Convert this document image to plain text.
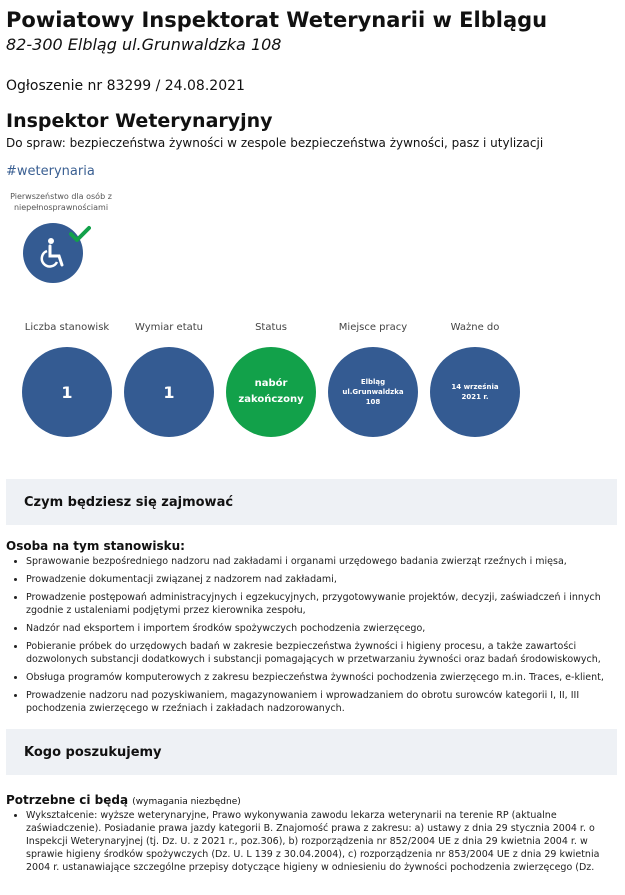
Powiatowy Inspektorat Weterynarii w Elblągu
82-300 Elbląg ul.Grunwaldzka 108
Ogłoszenie nr 83299 / 24.08.2021
Inspektor Weterynaryjny
Do spraw: bezpieczeństwa żywności w zespole bezpieczeństwa żywności, pasz i utylizacji
#weterynaria
Pierwszeństwo dla osób z niepełnosprawnościami
Liczba stanowisk
1
Wymiar etatu
1
Status
nabór
zakończony
Miejsce pracy
Elbląg
ul.Grunwaldzka 108
Ważne do
14 września
2021 r.
Czym będziesz się zajmować
Osoba na tym stanowisku:
• Sprawowanie bezpośredniego nadzoru nad zakładami i organami urzędowego badania zwierząt rzeźnych i mięsa,
• Prowadzenie dokumentacji związanej z nadzorem nad zakładami,
• Prowadzenie postępowań administracyjnych i egzekucyjnych, przygotowywanie projektów, decyzji, zaświadczeń i innych zgodnie z ustaleniami podjętymi przez kierownika zespołu,
• Nadzór nad eksportem i importem środków spożywczych pochodzenia zwierzęcego,
• Pobieranie próbek do urzędowych badań w zakresie bezpieczeństwa żywności i higieny procesu, a także zawartości dozwolonych substancji dodatkowych i substancji pomagających w przetwarzaniu żywności oraz badań środowiskowych,
• Obsługa programów komputerowych z zakresu bezpieczeństwa żywności pochodzenia zwierzęcego m.in. Traces, e-klient,
• Prowadzenie nadzoru nad pozyskiwaniem, magazynowaniem i wprowadzaniem do obrotu surowców kategorii I, II, III pochodzenia zwierzęcego w rzeźniach i zakładach nadzorowanych.
Kogo poszukujemy
Potrzebne ci będą (wymagania niezbędne)
• Wykształcenie: wyższe weterynaryjne, Prawo wykonywania zawodu lekarza weterynarii na terenie RP (aktualne zaświadczenie). Posiadanie prawa jazdy kategorii B. Znajomość prawa z zakresu: a) ustawy z dnia 29 stycznia 2004 r. o Inspekcji Weterynaryjnej (tj. Dz. U. z 2021 r., poz.306), b) rozporządzenia nr 852/2004 UE z dnia 29 kwietnia 2004 r. w sprawie higieny środków spożywczych (Dz. U. L 139 z 30.04.2004), c) rozporządzenia nr 853/2004 UE z dnia 29 kwietnia 2004 r. ustanawiające szczególne przepisy dotyczące higieny w odniesieniu do żywności pochodzenia zwierzęcego (Dz.
